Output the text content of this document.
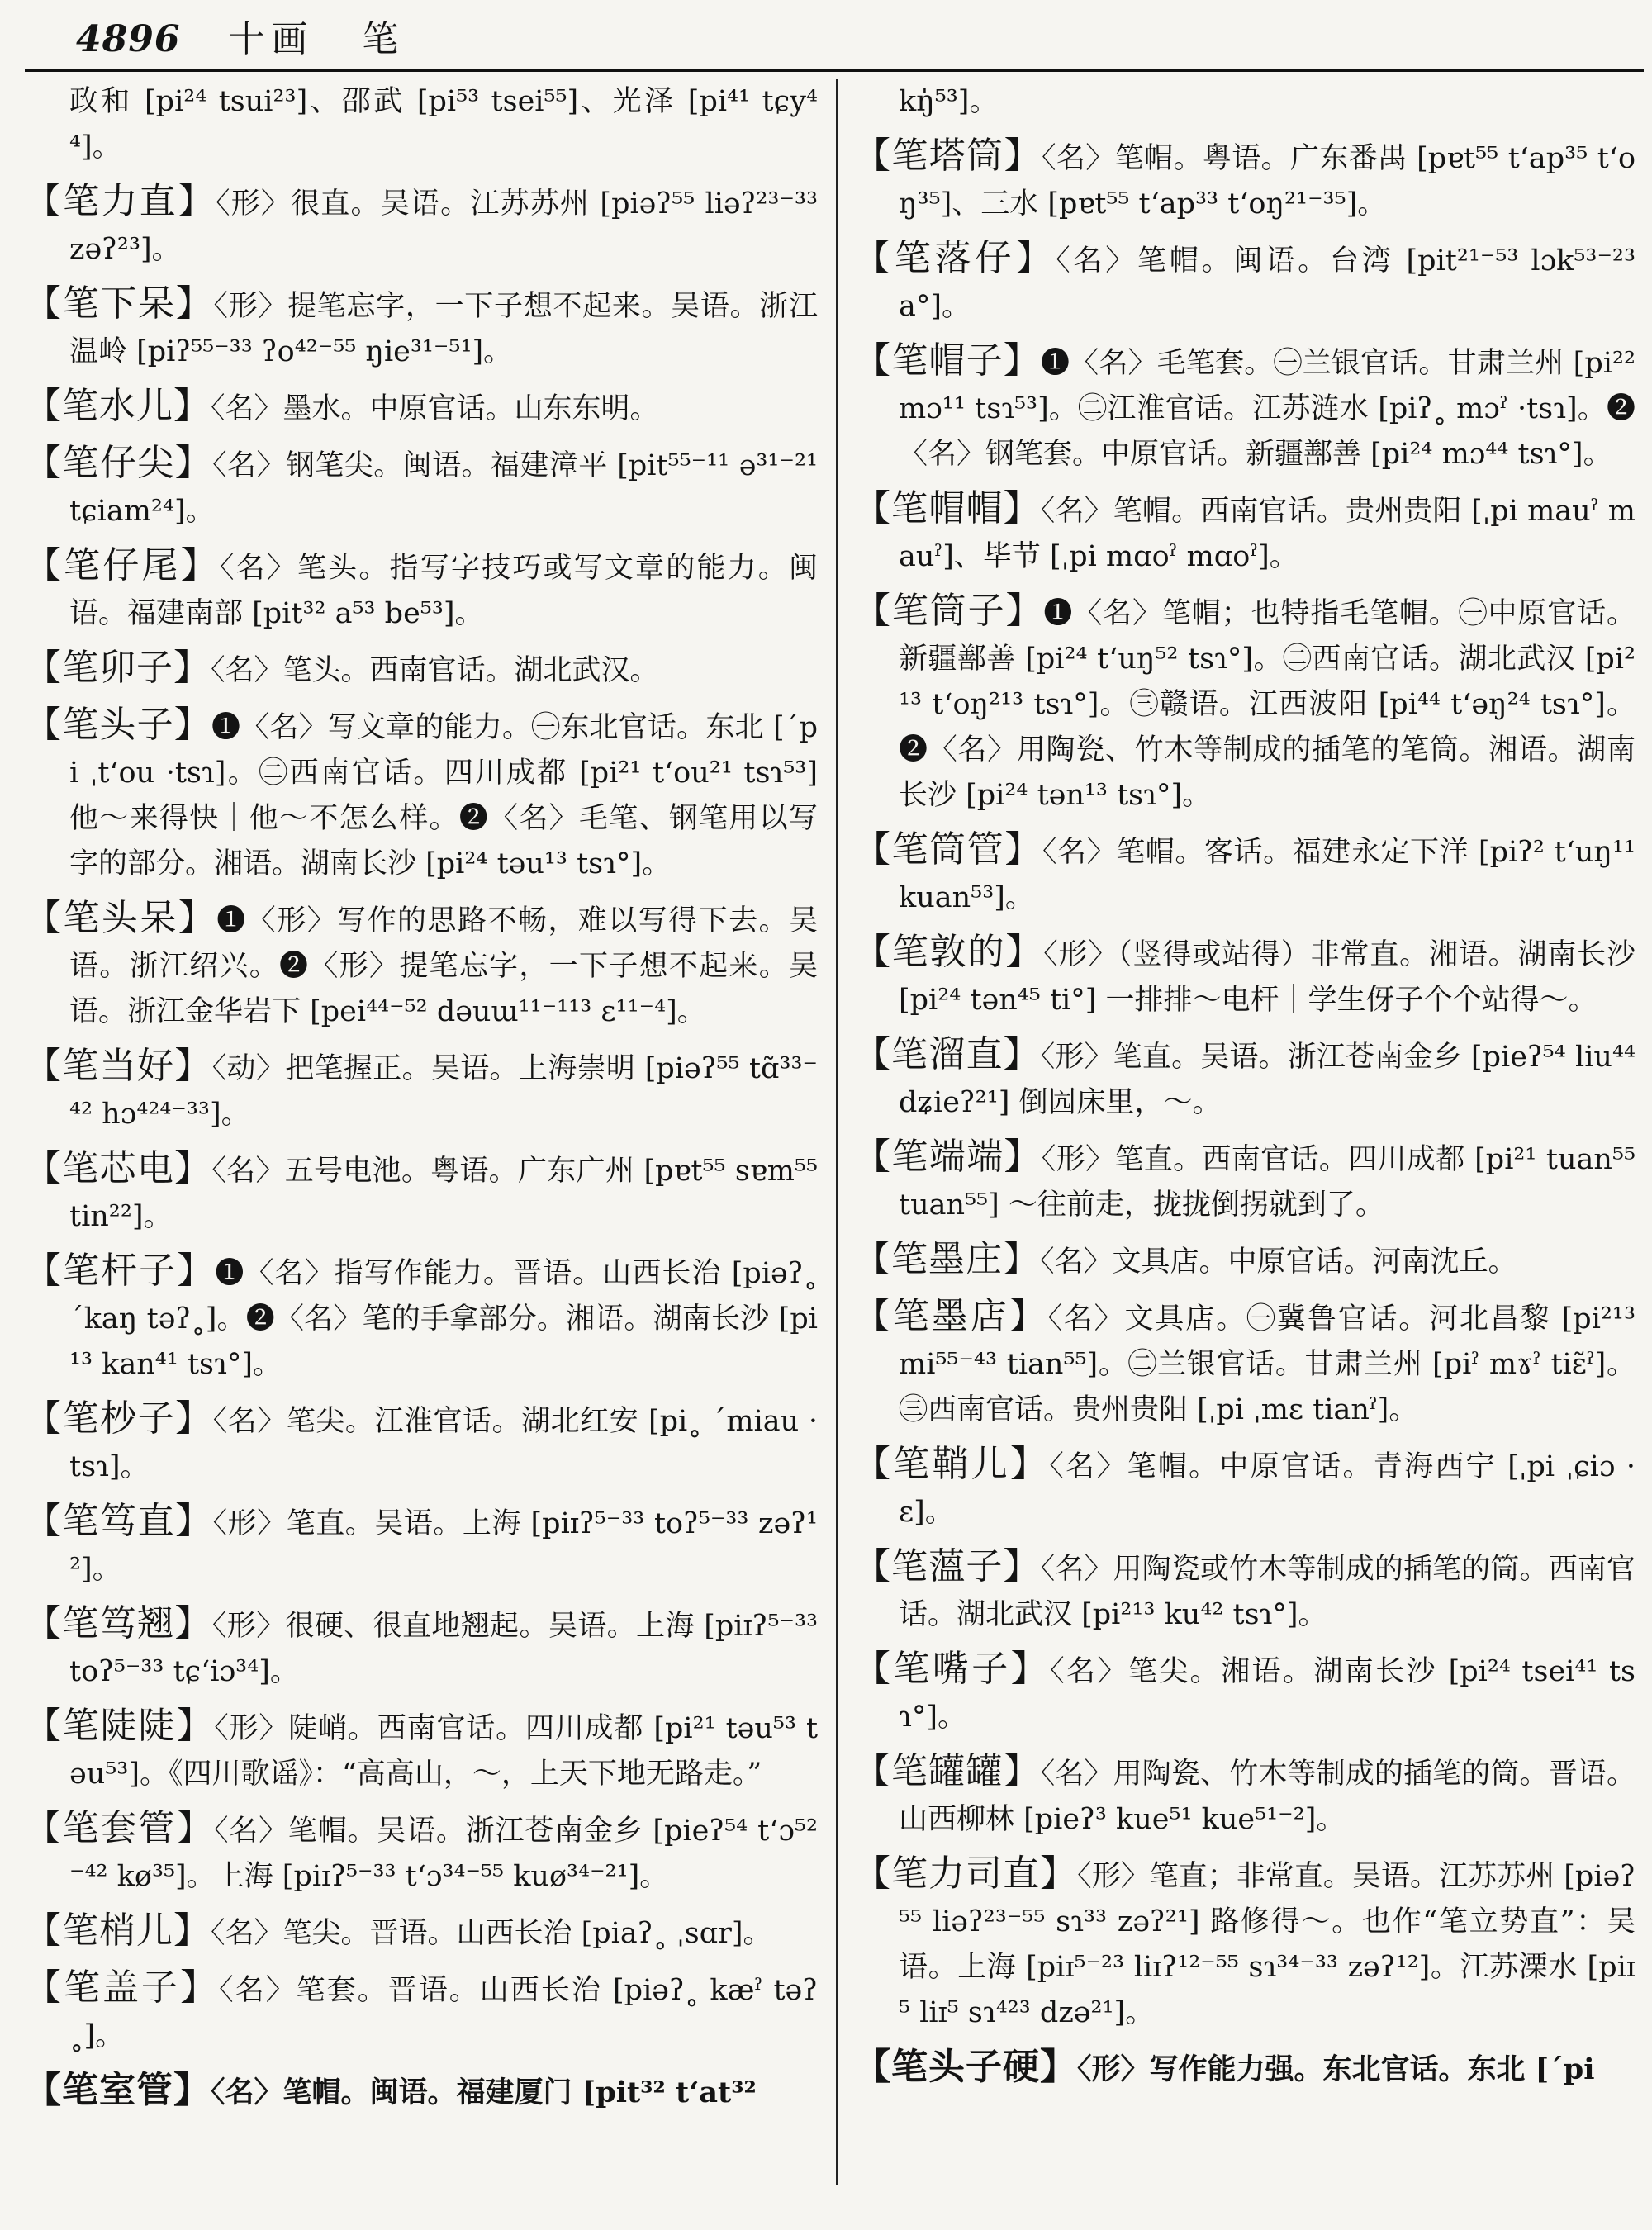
4896 十画 笔

政和 [pi²⁴ tsui²³]、邵武 [pi⁵³ tsei⁵⁵]、光泽 [pi⁴¹ tɕy⁴⁴]。

【笔力直】〈形〉很直。吴语。江苏苏州 [piəʔ⁵⁵ liəʔ²³⁻³³ zəʔ²³]。

【笔下呆】〈形〉提笔忘字，一下子想不起来。吴语。浙江温岭 [piʔ⁵⁵⁻³³ ʔo⁴²⁻⁵⁵ ŋie³¹⁻⁵¹]。

【笔水儿】〈名〉墨水。中原官话。山东东明。

【笔仔尖】〈名〉钢笔尖。闽语。福建漳平 [pit⁵⁵⁻¹¹ ə³¹⁻²¹ tɕiam²⁴]。

【笔仔尾】〈名〉笔头。指写字技巧或写文章的能力。闽语。福建南部 [pit³² a⁵³ be⁵³]。

【笔卯子】〈名〉笔头。西南官话。湖北武汉。

【笔头子】❶〈名〉写文章的能力。㊀东北官话。东北 [ˊpi ˌtʻou ·tsɿ]。㊁西南官话。四川成都 [pi²¹ tʻou²¹ tsɿ⁵³] 他～来得快｜他～不怎么样。❷〈名〉毛笔、钢笔用以写字的部分。湘语。湖南长沙 [pi²⁴ təu¹³ tsɿ°]。

【笔头呆】❶〈形〉写作的思路不畅，难以写得下去。吴语。浙江绍兴。❷〈形〉提笔忘字，一下子想不起来。吴语。浙江金华岩下 [pei⁴⁴⁻⁵² dəuɯ¹¹⁻¹¹³ ɛ¹¹⁻⁴]。

【笔当好】〈动〉把笔握正。吴语。上海崇明 [piəʔ⁵⁵ tɑ̃³³⁻⁴² hɔ⁴²⁴⁻³³]。

【笔芯电】〈名〉五号电池。粤语。广东广州 [pɐt⁵⁵ sɐm⁵⁵ tin²²]。

【笔杆子】❶〈名〉指写作能力。晋语。山西长治 [piəʔ˳ ˊkaŋ təʔ˳]。❷〈名〉笔的手拿部分。湘语。湖南长沙 [pi¹³ kan⁴¹ tsɿ°]。

【笔杪子】〈名〉笔尖。江淮官话。湖北红安 [pi˳ ˊmiau ·tsɿ]。

【笔笃直】〈形〉笔直。吴语。上海 [piɪʔ⁵⁻³³ toʔ⁵⁻³³ zəʔ¹²]。

【笔笃翘】〈形〉很硬、很直地翘起。吴语。上海 [piɪʔ⁵⁻³³ toʔ⁵⁻³³ tɕʻiɔ³⁴]。

【笔陡陡】〈形〉陡峭。西南官话。四川成都 [pi²¹ təu⁵³ təu⁵³]。《四川歌谣》：“高高山，～，上天下地无路走。”

【笔套管】〈名〉笔帽。吴语。浙江苍南金乡 [pieʔ⁵⁴ tʻɔ⁵²⁻⁴² kø³⁵]。上海 [piɪʔ⁵⁻³³ tʻɔ³⁴⁻⁵⁵ kuø³⁴⁻²¹]。

【笔梢儿】〈名〉笔尖。晋语。山西长治 [piaʔ˳ ˌsɑr]。

【笔盖子】〈名〉笔套。晋语。山西长治 [piəʔ˳ kæˀ təʔ˳]。

【笔室管】〈名〉笔帽。闽语。福建厦门 [pit³² tʻat³²

kŋ̍⁵³]。

【笔塔筒】〈名〉笔帽。粤语。广东番禺 [pɐt⁵⁵ tʻap³⁵ tʻoŋ³⁵]、三水 [pɐt⁵⁵ tʻap³³ tʻoŋ²¹⁻³⁵]。

【笔落仔】〈名〉笔帽。闽语。台湾 [pit²¹⁻⁵³ lɔk⁵³⁻²³ a°]。

【笔帽子】❶〈名〉毛笔套。㊀兰银官话。甘肃兰州 [pi²² mɔ¹¹ tsɿ⁵³]。㊁江淮官话。江苏涟水 [piʔ˳ mɔˀ ·tsɿ]。❷〈名〉钢笔套。中原官话。新疆鄯善 [pi²⁴ mɔ⁴⁴ tsɿ°]。

【笔帽帽】〈名〉笔帽。西南官话。贵州贵阳 [ˌpi mauˀ mauˀ]、毕节 [ˌpi mɑoˀ mɑoˀ]。

【笔筒子】❶〈名〉笔帽；也特指毛笔帽。㊀中原官话。新疆鄯善 [pi²⁴ tʻuŋ⁵² tsɿ°]。㊁西南官话。湖北武汉 [pi²¹³ tʻoŋ²¹³ tsɿ°]。㊂赣语。江西波阳 [pi⁴⁴ tʻəŋ²⁴ tsɿ°]。❷〈名〉用陶瓷、竹木等制成的插笔的笔筒。湘语。湖南长沙 [pi²⁴ tən¹³ tsɿ°]。

【笔筒管】〈名〉笔帽。客话。福建永定下洋 [piʔ² tʻuŋ¹¹ kuan⁵³]。

【笔敦的】〈形〉（竖得或站得）非常直。湘语。湖南长沙 [pi²⁴ tən⁴⁵ ti°] 一排排～电杆｜学生伢子个个站得～。

【笔溜直】〈形〉笔直。吴语。浙江苍南金乡 [pieʔ⁵⁴ liu⁴⁴ dʑieʔ²¹] 倒囥床里，～。

【笔端端】〈形〉笔直。西南官话。四川成都 [pi²¹ tuan⁵⁵ tuan⁵⁵] ～往前走，拢拢倒拐就到了。

【笔墨庄】〈名〉文具店。中原官话。河南沈丘。

【笔墨店】〈名〉文具店。㊀冀鲁官话。河北昌黎 [pi²¹³ mi⁵⁵⁻⁴³ tian⁵⁵]。㊁兰银官话。甘肃兰州 [piˀ mɤˀ tiɛ̃ˀ]。㊂西南官话。贵州贵阳 [ˌpi ˌmɛ tianˀ]。

【笔鞘儿】〈名〉笔帽。中原官话。青海西宁 [ˌpi ˌɕiɔ ·ɛ]。

【笔薀子】〈名〉用陶瓷或竹木等制成的插笔的筒。西南官话。湖北武汉 [pi²¹³ ku⁴² tsɿ°]。

【笔嘴子】〈名〉笔尖。湘语。湖南长沙 [pi²⁴ tsei⁴¹ tsɿ°]。

【笔罐罐】〈名〉用陶瓷、竹木等制成的插笔的筒。晋语。山西柳林 [pieʔ³ kue⁵¹ kue⁵¹⁻²]。

【笔力司直】〈形〉笔直；非常直。吴语。江苏苏州 [piəʔ⁵⁵ liəʔ²³⁻⁵⁵ sɿ³³ zəʔ²¹] 路修得～。也作“笔立势直”：吴语。上海 [piɪ⁵⁻²³ liɪʔ¹²⁻⁵⁵ sɿ³⁴⁻³³ zəʔ¹²]。江苏溧水 [piɪ⁵ liɪ⁵ sɿ⁴²³ dzə²¹]。

【笔头子硬】〈形〉写作能力强。东北官话。东北 [ˊpi
